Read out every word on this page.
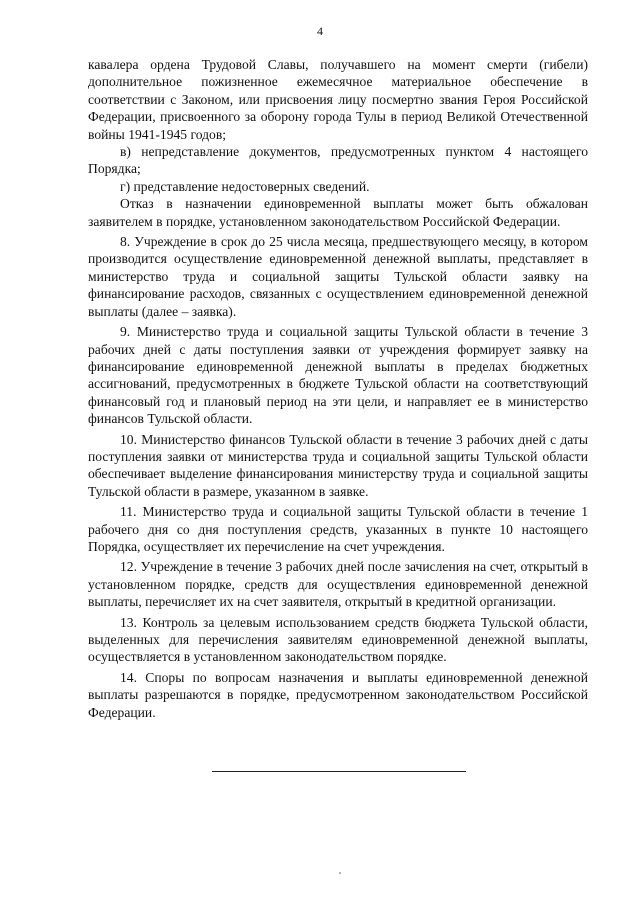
4

кавалера ордена Трудовой Славы, получавшего на момент смерти (гибели) дополнительное пожизненное ежемесячное материальное обеспечение в соответствии с Законом, или присвоения лицу посмертно звания Героя Российской Федерации, присвоенного за оборону города Тулы в период Великой Отечественной войны 1941-1945 годов;

в) непредставление документов, предусмотренных пунктом 4 настоящего Порядка;

г) представление недостоверных сведений.

Отказ в назначении единовременной выплаты может быть обжалован заявителем в порядке, установленном законодательством Российской Федерации.

8. Учреждение в срок до 25 числа месяца, предшествующего месяцу, в котором производится осуществление единовременной денежной выплаты, представляет в министерство труда и социальной защиты Тульской области заявку на финансирование расходов, связанных с осуществлением единовременной денежной выплаты (далее – заявка).

9. Министерство труда и социальной защиты Тульской области в течение 3 рабочих дней с даты поступления заявки от учреждения формирует заявку на финансирование единовременной денежной выплаты в пределах бюджетных ассигнований, предусмотренных в бюджете Тульской области на соответствующий финансовый год и плановый период на эти цели, и направляет ее в министерство финансов Тульской области.

10. Министерство финансов Тульской области в течение 3 рабочих дней с даты поступления заявки от министерства труда и социальной защиты Тульской области обеспечивает выделение финансирования министерству труда и социальной защиты Тульской области в размере, указанном в заявке.

11. Министерство труда и социальной защиты Тульской области в течение 1 рабочего дня со дня поступления средств, указанных в пункте 10 настоящего Порядка, осуществляет их перечисление на счет учреждения.

12. Учреждение в течение 3 рабочих дней после зачисления на счет, открытый в установленном порядке, средств для осуществления единовременной денежной выплаты, перечисляет их на счет заявителя, открытый в кредитной организации.

13. Контроль за целевым использованием средств бюджета Тульской области, выделенных для перечисления заявителям единовременной денежной выплаты, осуществляется в установленном законодательством порядке.

14. Споры по вопросам назначения и выплаты единовременной денежной выплаты разрешаются в порядке, предусмотренном законодательством Российской Федерации.
